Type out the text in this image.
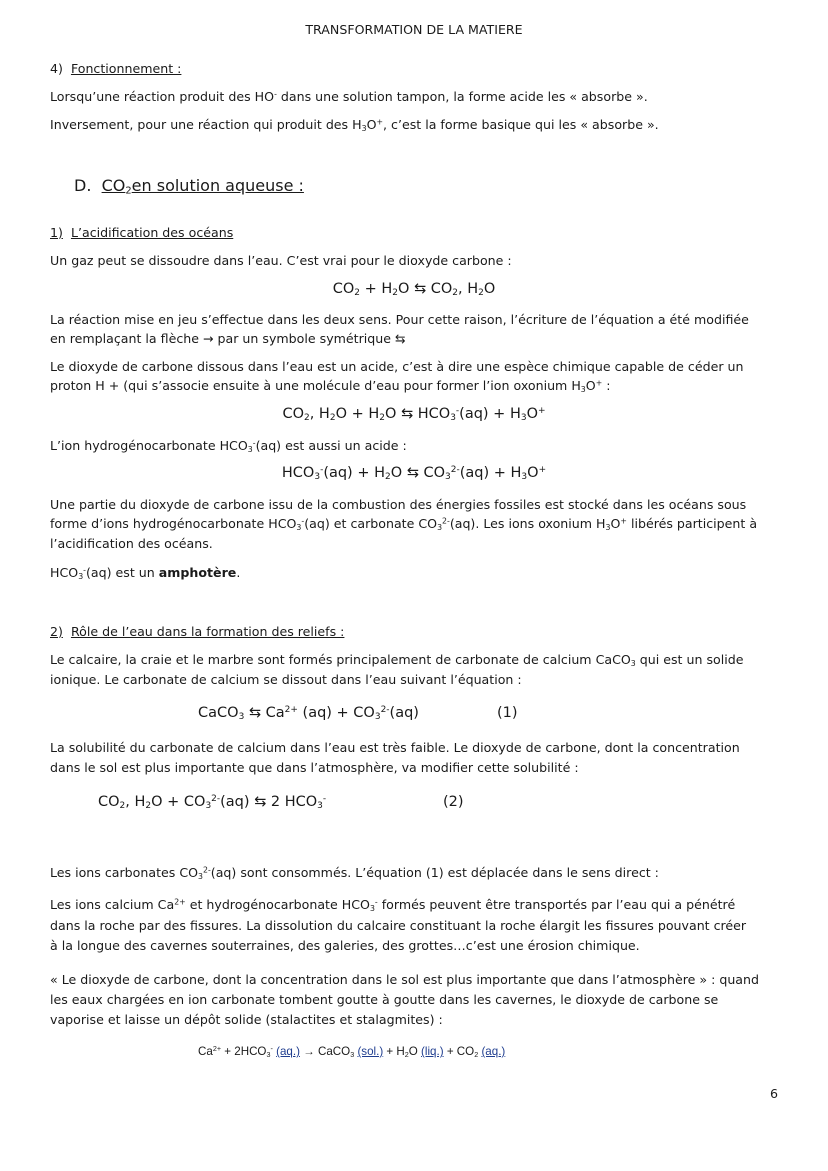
TRANSFORMATION DE LA MATIERE
4) Fonctionnement :
Lorsqu’une réaction produit des HO- dans une solution tampon, la forme acide les « absorbe ».
Inversement, pour une réaction qui produit des $H_3O^+$, c’est la forme basique qui les « absorbe ».
D. $CO_2en$ solution aqueuse :
1) L’acidification des océans
Un gaz peut se dissoudre dans l’eau. C’est vrai pour le dioxyde carbone :
$CO_2 + H_2O$ ⇆ $CO_2$, $H_2O$
La réaction mise en jeu s’effectue dans les deux sens. Pour cette raison, l’écriture de l’équation a été modifiée
en remplaçant la flèche → par un symbole symétrique ⇆
Le dioxyde de carbone dissous dans l’eau est un acide, c’est à dire une espèce chimique capable de céder un
proton H + (qui s’associe ensuite à une molécule d’eau pour former l’ion oxonium $H_3O^+$ :
$CO_2$, $H_2O + H_2O$ ⇆ $HCO_3^-(aq) + H_3O^+$
L’ion hydrogénocarbonate $HCO_3^-(aq)$ est aussi un acide :
$HCO_3^-(aq) + H_2O$ ⇆ $CO_3^{2-}(aq) + H_3O^+$
Une partie du dioxyde de carbone issu de la combustion des énergies fossiles est stocké dans les océans sous
forme d’ions hydrogénocarbonate $HCO_3^-(aq)$ et carbonate $CO_3^{2-}(aq)$. Les ions oxonium $H_3O^+$ libérés participent à
l’acidification des océans.
$HCO_3^-(aq)$ est un amphotère.
2) Rôle de l’eau dans la formation des reliefs :
Le calcaire, la craie et le marbre sont formés principalement de carbonate de calcium CaCO$_3$ qui est un solide
ionique. Le carbonate de calcium se dissout dans l’eau suivant l’équation :
CaCO$_3$ ⇆ $Ca^{2+}$ $(aq) + CO_3^{2-}(aq)$	(1)
La solubilité du carbonate de calcium dans l’eau est très faible. Le dioxyde de carbone, dont la concentration
dans le sol est plus importante que dans l’atmosphère, va modifier cette solubilité :
$CO_2$, $H_2O + CO_3^{2-}(aq)$ ⇆ 2 $HCO_3^-$	(2)
Les ions carbonates $CO_3^{2-}(aq)$ sont consommés. L’équation (1) est déplacée dans le sens direct :
Les ions calcium $Ca^{2+}$ et hydrogénocarbonate $HCO_3^-$ formés peuvent être transportés par l’eau qui a pénétré
dans la roche par des fissures. La dissolution du calcaire constituant la roche élargit les fissures pouvant créer
à la longue des cavernes souterraines, des galeries, des grottes…c’est une érosion chimique.
« Le dioxyde de carbone, dont la concentration dans le sol est plus importante que dans l’atmosphère » : quand
les eaux chargées en ion carbonate tombent goutte à goutte dans les cavernes, le dioxyde de carbone se
vaporise et laisse un dépôt solide (stalactites et stalagmites) :
$Ca^{2+} + 2HCO_3^-$ (aq.) → CaCO$_3$ $(sol.) + H_2O$ $(liq.) + CO_2$ (aq.)
6
